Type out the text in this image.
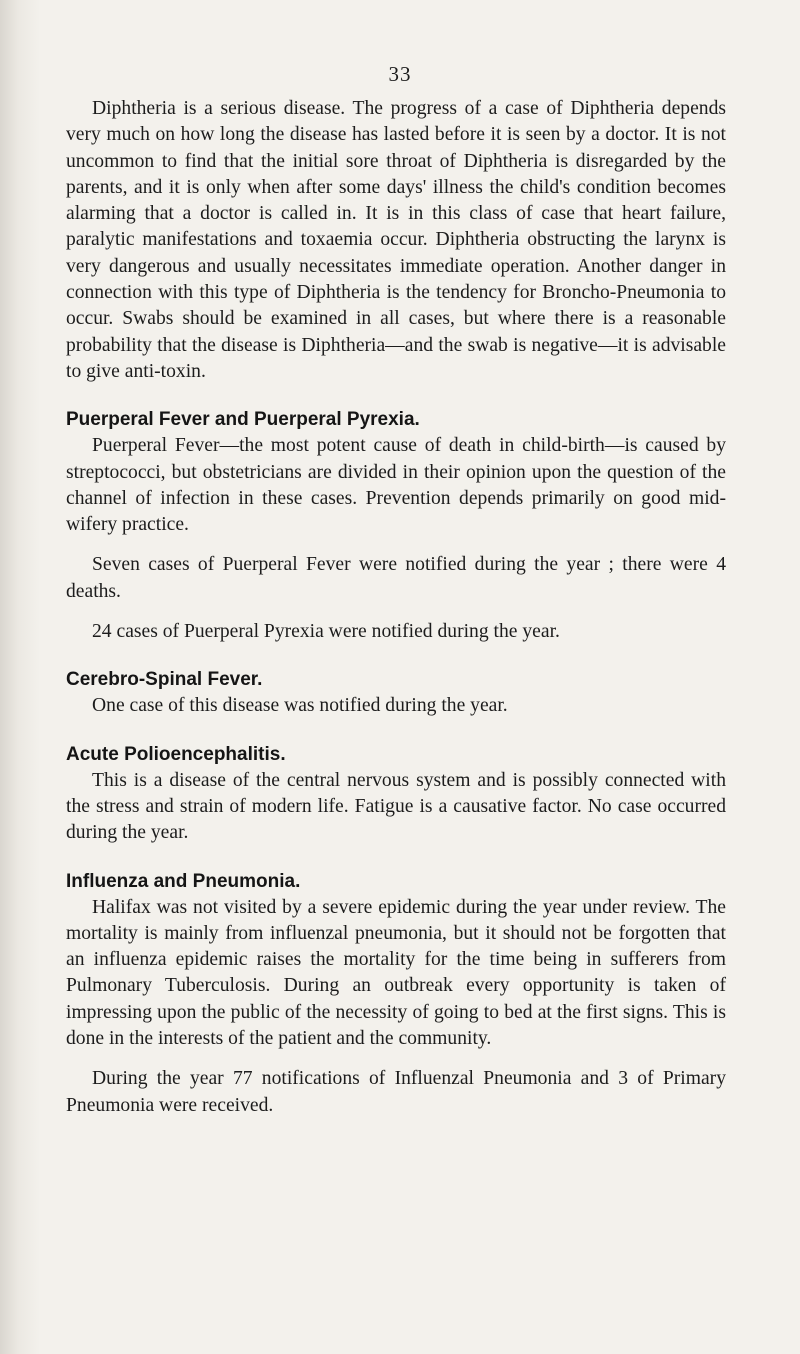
33

Diphtheria is a serious disease. The progress of a case of Diphtheria depends very much on how long the disease has lasted before it is seen by a doctor. It is not uncommon to find that the initial sore throat of Diphtheria is disregarded by the parents, and it is only when after some days' illness the child's condition becomes alarming that a doctor is called in. It is in this class of case that heart failure, paralytic manifestations and toxaemia occur. Diphtheria obstructing the larynx is very dangerous and usually necessitates immediate operation. Another danger in connection with this type of Diphtheria is the tendency for Broncho-Pneumonia to occur. Swabs should be examined in all cases, but where there is a reasonable probability that the disease is Diphtheria—and the swab is negative—it is advisable to give anti-toxin.

Puerperal Fever and Puerperal Pyrexia.

Puerperal Fever—the most potent cause of death in child-birth—is caused by streptococci, but obstetricians are divided in their opinion upon the question of the channel of infection in these cases. Prevention depends primarily on good mid-wifery practice.

Seven cases of Puerperal Fever were notified during the year ; there were 4 deaths.

24 cases of Puerperal Pyrexia were notified during the year.

Cerebro-Spinal Fever.

One case of this disease was notified during the year.

Acute Polioencephalitis.

This is a disease of the central nervous system and is possibly connected with the stress and strain of modern life. Fatigue is a causative factor. No case occurred during the year.

Influenza and Pneumonia.

Halifax was not visited by a severe epidemic during the year under review. The mortality is mainly from influenzal pneumonia, but it should not be forgotten that an influenza epidemic raises the mortality for the time being in sufferers from Pulmonary Tuberculosis. During an outbreak every opportunity is taken of impressing upon the public of the necessity of going to bed at the first signs. This is done in the interests of the patient and the community.

During the year 77 notifications of Influenzal Pneumonia and 3 of Primary Pneumonia were received.
